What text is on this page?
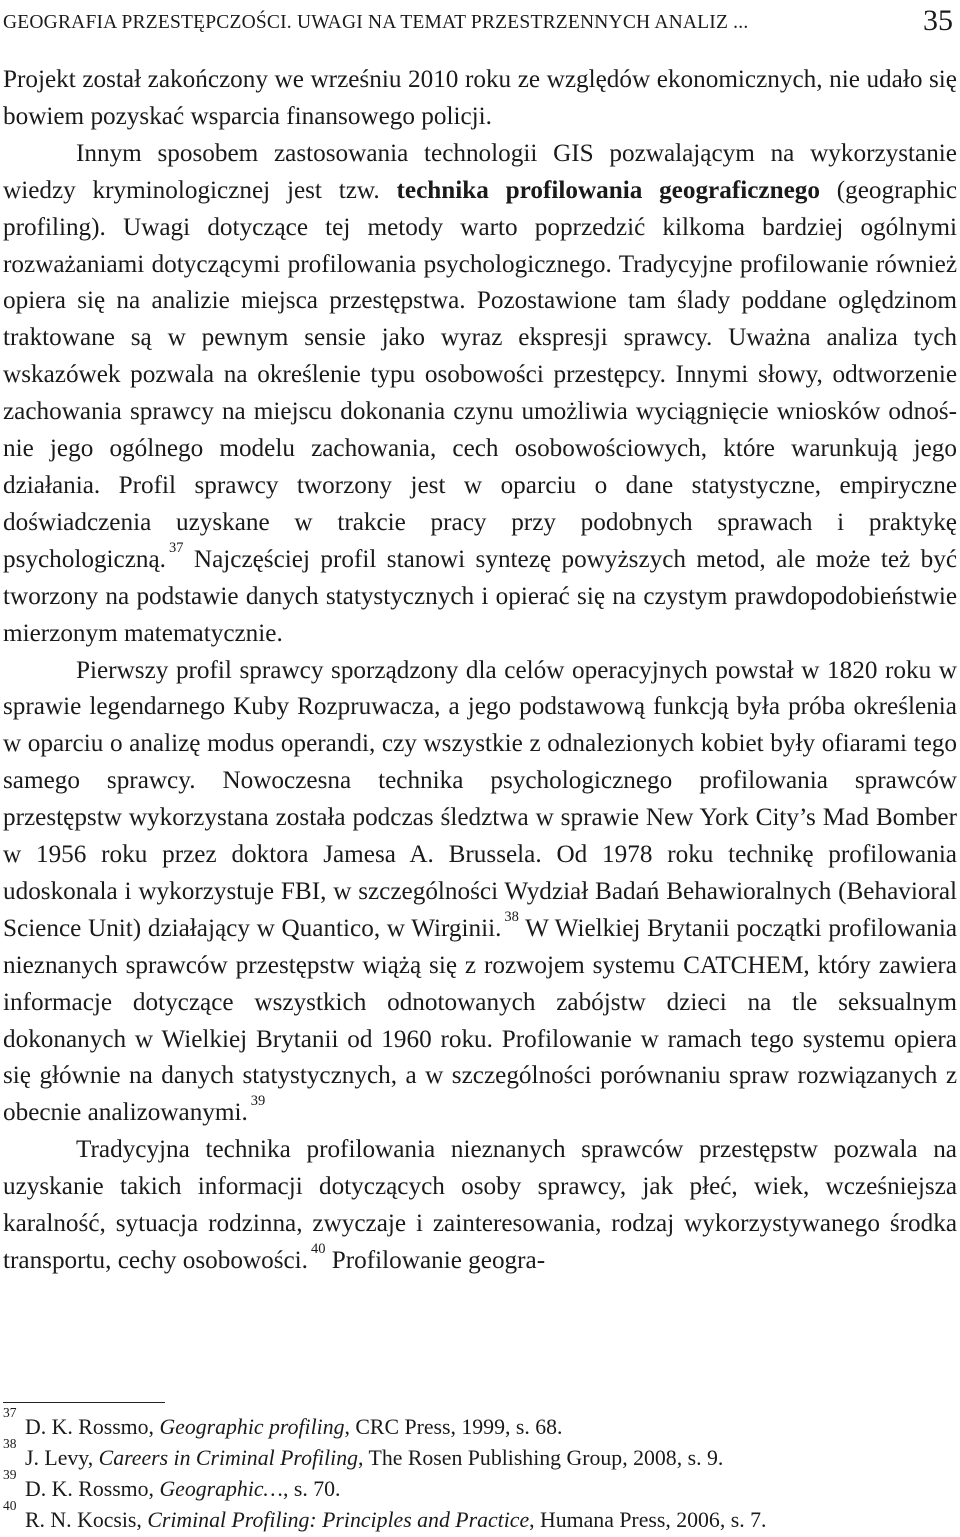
GEOGRAFIA PRZESTĘPCZOŚCI. UWAGI NA TEMAT PRZESTRZENNYCH ANALIZ ...	35

Projekt został zakończony we wrześniu 2010 roku ze względów ekonomicznych, nie udało się bowiem pozyskać wsparcia finansowego policji.

Innym sposobem zastosowania technologii GIS pozwalającym na wykorzystanie wiedzy kryminologicznej jest tzw. technika profilowania geograficznego (geographic profiling). Uwagi dotyczące tej metody warto poprzedzić kilkoma bardziej ogólnymi rozważaniami dotyczącymi profilowania psychologicznego. Tradycyjne profilowanie również opiera się na analizie miejsca przestępstwa. Pozostawione tam ślady poddane oględzinom traktowane są w pewnym sensie jako wyraz ekspresji sprawcy. Uważna analiza tych wskazówek pozwala na określenie typu osobowości przestępcy. Innymi słowy, odtworzenie zachowania sprawcy na miejscu dokonania czynu umożliwia wyciągnięcie wniosków odnośnie jego ogólnego modelu zachowania, cech osobowościowych, które warunkują jego działania. Profil sprawcy tworzony jest w oparciu o dane statystyczne, empiryczne doświadczenia uzyskane w trakcie pracy przy podobnych sprawach i praktykę psychologiczną. $^{37}$ Najczęściej profil stanowi syntezę powyższych metod, ale może też być tworzony na podstawie danych statystycznych i opierać się na czystym prawdopodobieństwie mierzonym matematycznie.

Pierwszy profil sprawcy sporządzony dla celów operacyjnych powstał w 1820 roku w sprawie legendarnego Kuby Rozpruwacza, a jego podstawową funkcją była próba określenia w oparciu o analizę modus operandi, czy wszystkie z odnalezionych kobiet były ofiarami tego samego sprawcy. Nowoczesna technika psychologicznego profilowania sprawców przestępstw wykorzystana została podczas śledztwa w sprawie New York City’s Mad Bomber w 1956 roku przez doktora Jamesa A. Brussela. Od 1978 roku technikę profilowania udoskonala i wykorzystuje FBI, w szczególności Wydział Badań Behawioralnych (Behavioral Science Unit) działający w Quantico, w Wirginii. $^{38}$ W Wielkiej Brytanii początki profilowania nieznanych sprawców przestępstw wiążą się z rozwojem systemu CATCHEM, który zawiera informacje dotyczące wszystkich odnotowanych zabójstw dzieci na tle seksualnym dokonanych w Wielkiej Brytanii od 1960 roku. Profilowanie w ramach tego systemu opiera się głównie na danych statystycznych, a w szczególności porównaniu spraw rozwiązanych z obecnie analizowanymi. $^{39}$

Tradycyjna technika profilowania nieznanych sprawców przestępstw pozwala na uzyskanie takich informacji dotyczących osoby sprawcy, jak płeć, wiek, wcześniejsza karalność, sytuacja rodzinna, zwyczaje i zainteresowania, rodzaj wykorzystywanego środka transportu, cechy osobowości. $^{40}$ Profilowanie geogra-

37
D. K. Rossmo, Geographic profiling, CRC Press, 1999, s. 68.
38
J. Levy, Careers in Criminal Profiling, The Rosen Publishing Group, 2008, s. 9.
39
D. K. Rossmo, Geographic…, s. 70.
40
R. N. Kocsis, Criminal Profiling: Principles and Practice, Humana Press, 2006, s. 7.
